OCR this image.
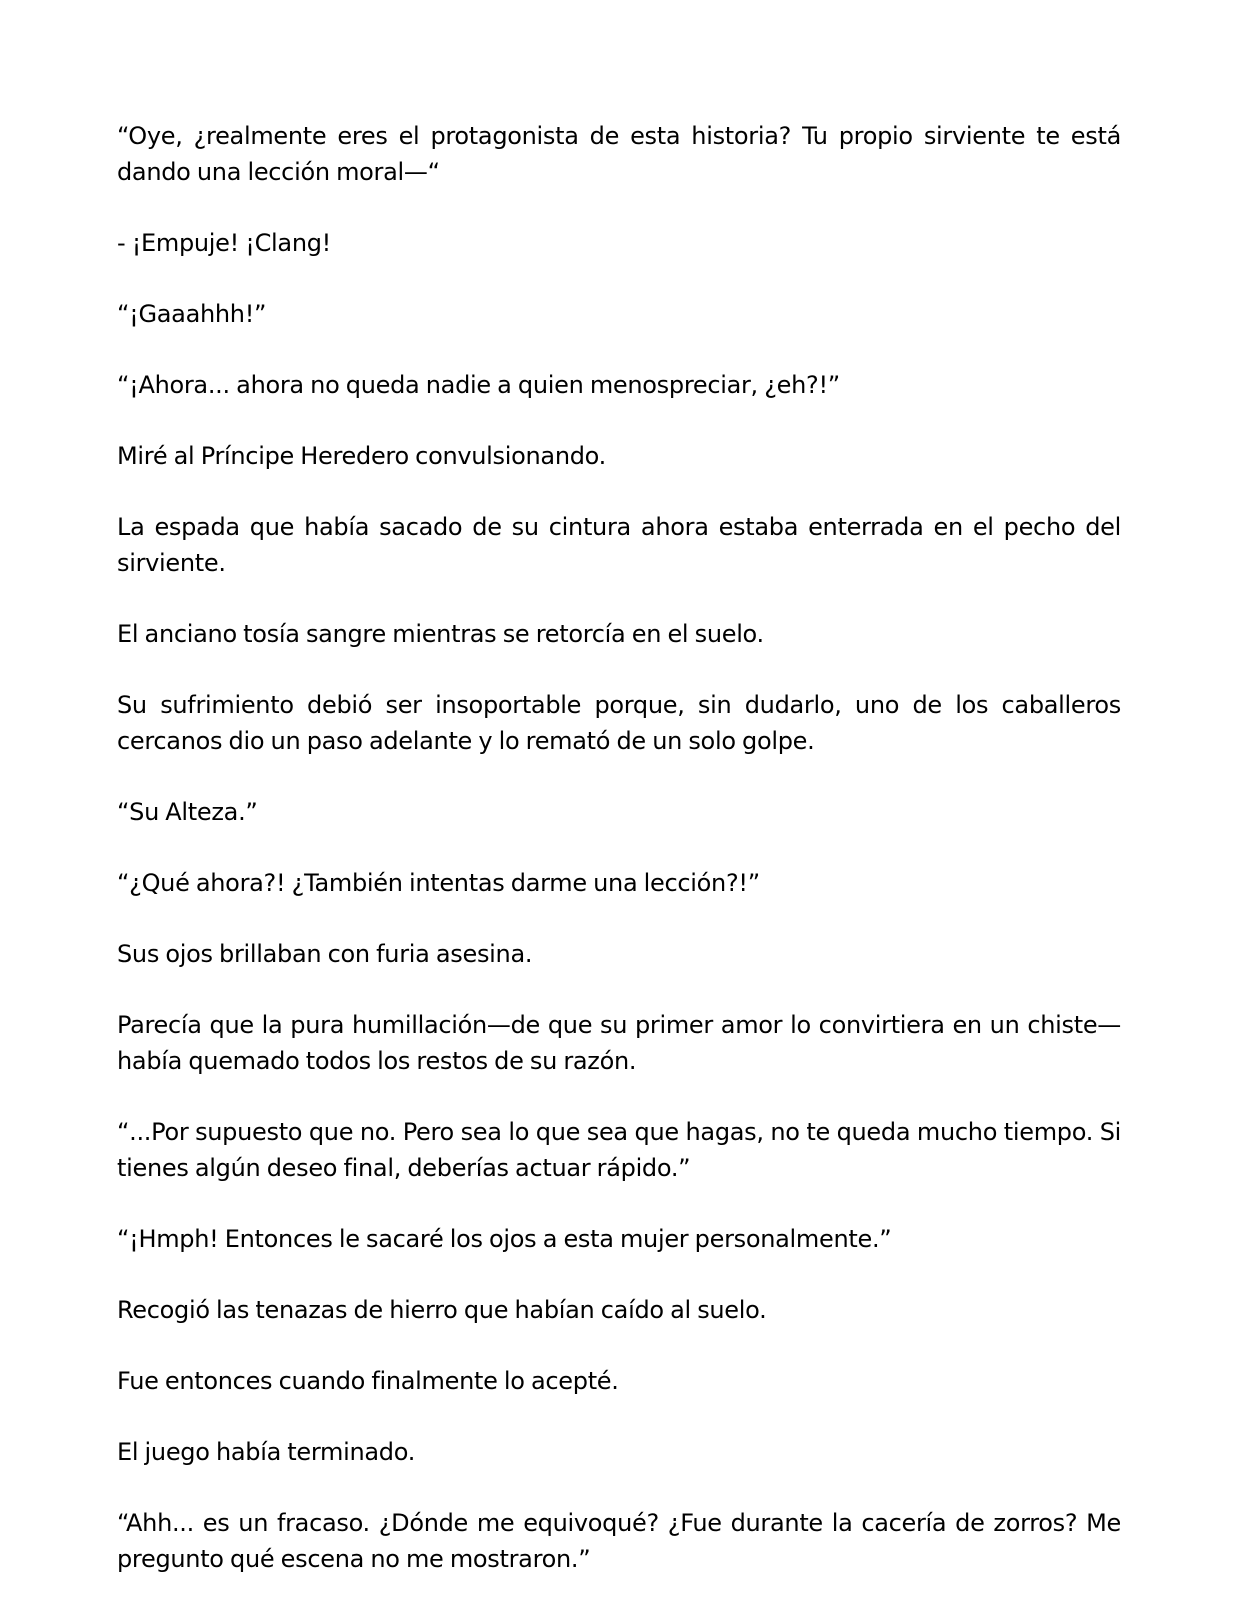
“Oye, ¿realmente eres el protagonista de esta historia? Tu propio sirviente te está dando una lección moral—“

- ¡Empuje! ¡Clang!

“¡Gaaahhh!”

“¡Ahora... ahora no queda nadie a quien menospreciar, ¿eh?!”

Miré al Príncipe Heredero convulsionando.

La espada que había sacado de su cintura ahora estaba enterrada en el pecho del sirviente.

El anciano tosía sangre mientras se retorcía en el suelo.

Su sufrimiento debió ser insoportable porque, sin dudarlo, uno de los caballeros cercanos dio un paso adelante y lo remató de un solo golpe.

“Su Alteza.”

“¿Qué ahora?! ¿También intentas darme una lección?!”

Sus ojos brillaban con furia asesina.

Parecía que la pura humillación—de que su primer amor lo convirtiera en un chiste—había quemado todos los restos de su razón.

“...Por supuesto que no. Pero sea lo que sea que hagas, no te queda mucho tiempo. Si tienes algún deseo final, deberías actuar rápido.”

“¡Hmph! Entonces le sacaré los ojos a esta mujer personalmente.”

Recogió las tenazas de hierro que habían caído al suelo.

Fue entonces cuando finalmente lo acepté.

El juego había terminado.

“Ahh... es un fracaso. ¿Dónde me equivoqué? ¿Fue durante la cacería de zorros? Me pregunto qué escena no me mostraron.”
